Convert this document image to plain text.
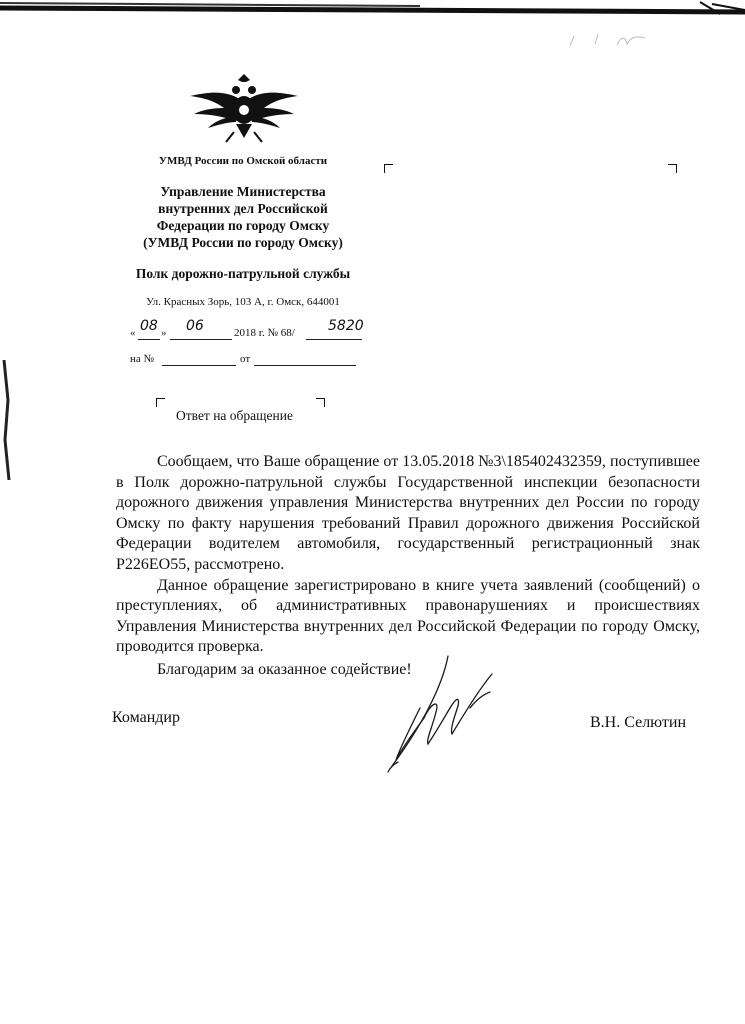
УМВД России по Омской области

Управление Министерства
внутренних дел Российской
Федерации по городу Омску
(УМВД России по городу Омску)

Полк дорожно-патрульной службы

Ул. Красных Зорь, 103 А, г. Омск, 644001

« 08 » 06	2018 г. № 68/ 5820
на №	от

Ответ на обращение

Сообщаем, что Ваше обращение от 13.05.2018 №3\185402432359, поступившее в Полк дорожно-патрульной службы Государственной инспекции безопасности дорожного движения управления Министерства внутренних дел России по городу Омску по факту нарушения требований Правил дорожного движения Российской Федерации водителем автомобиля, государственный регистрационный знак Р226ЕО55, рассмотрено.

Данное обращение зарегистрировано в книге учета заявлений (сообщений) о преступлениях, об административных правонарушениях и происшествиях Управления Министерства внутренних дел Российской Федерации по городу Омску, проводится проверка.

Благодарим за оказанное содействие!

Командир	В.Н. Селютин
